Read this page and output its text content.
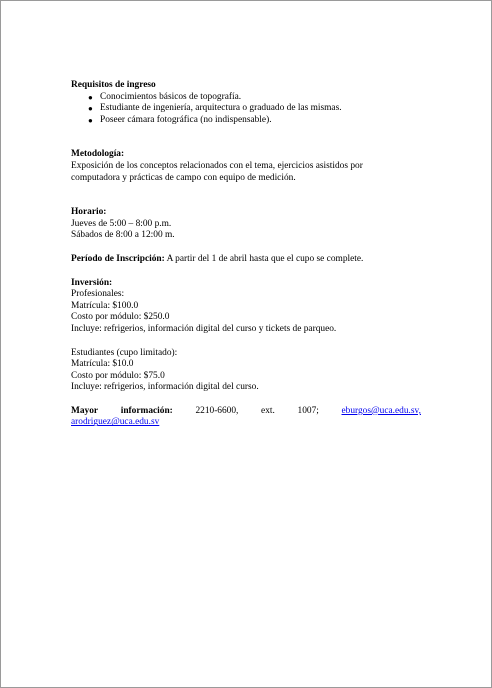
Requisitos de ingreso

● Conocimientos básicos de topografía.
● Estudiante de ingeniería, arquitectura o graduado de las mismas.
● Poseer cámara fotográfica (no indispensable).

Metodología:

Exposición de los conceptos relacionados con el tema, ejercicios asistidos por

computadora y prácticas de campo con equipo de medición.

Horario:

Jueves de 5:00 – 8:00 p.m.

Sábados de 8:00 a 12:00 m.

Período de Inscripción: A partir del 1 de abril hasta que el cupo se complete.

Inversión:

Profesionales:

Matrícula: $100.0

Costo por módulo: $250.0

Incluye: refrigerios, información digital del curso y tickets de parqueo.

Estudiantes (cupo limitado):

Matrícula: $10.0

Costo por módulo: $75.0

Incluye: refrigerios, información digital del curso.

Mayor información: 2210-6600, ext. 1007; eburgos@uca.edu.sv,

arodriguez@uca.edu.sv
